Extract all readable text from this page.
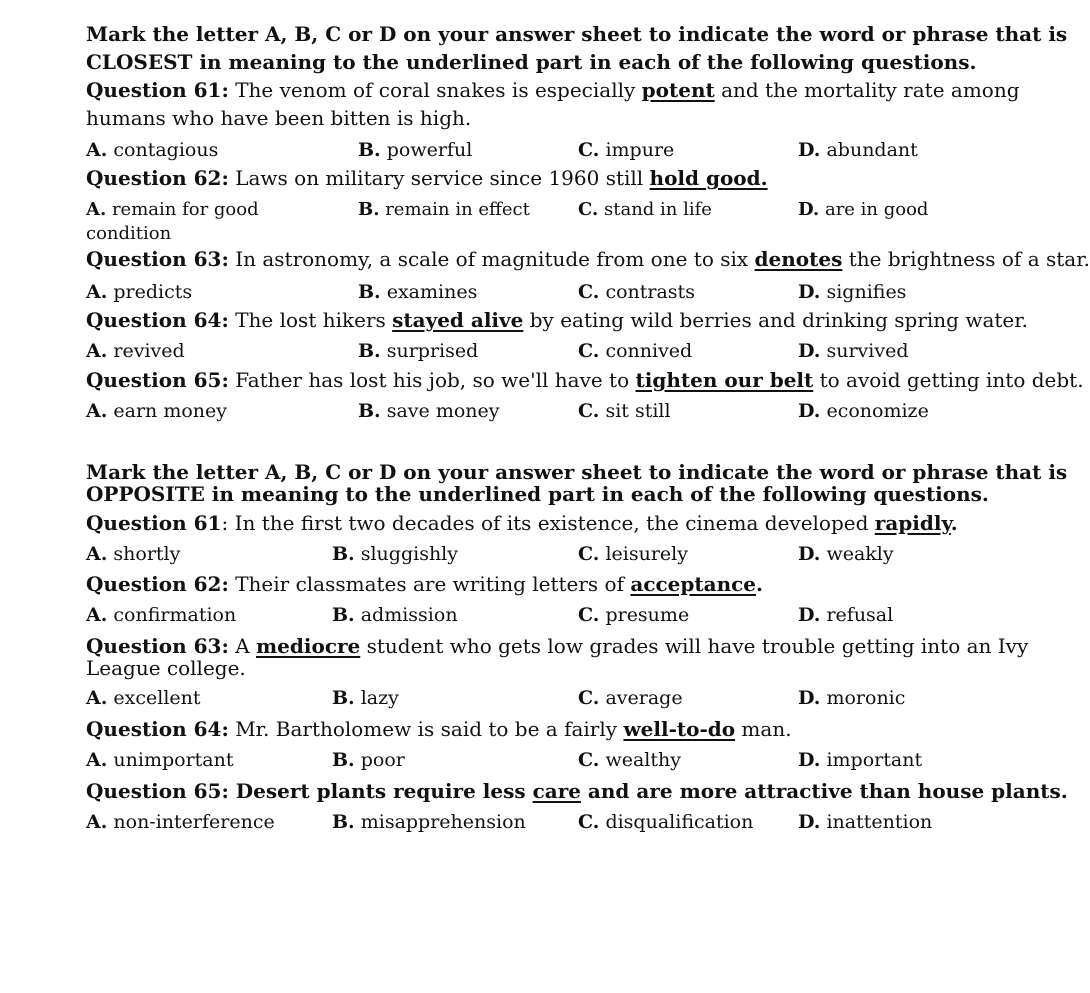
Mark the letter A, B, C or D on your answer sheet to indicate the word or phrase that is
CLOSEST in meaning to the underlined part in each of the following questions.
Question 61: The venom of coral snakes is especially potent and the mortality rate among
humans who have been bitten is high.
A. contagious	B. powerful	C. impure	D. abundant
Question 62: Laws on military service since 1960 still hold good.
A. remain for good
condition
B. remain in effect	C. stand in life	D. are in good
Question 63: In astronomy, a scale of magnitude from one to six denotes the brightness of a star.
A. predicts	B. examines	C. contrasts	D. signifies
Question 64: The lost hikers stayed alive by eating wild berries and drinking spring water.
A. revived	B. surprised	C. connived	D. survived
Question 65: Father has lost his job, so we'll have to tighten our belt to avoid getting into debt.
A. earn money	B. save money	C. sit still	D. economize
Mark the letter A, B, C or D on your answer sheet to indicate the word or phrase that is
OPPOSITE in meaning to the underlined part in each of the following questions.
Question 61: In the first two decades of its existence, the cinema developed rapidly.
A. shortly	B. sluggishly	C. leisurely	D. weakly
Question 62: Their classmates are writing letters of acceptance.
A. confirmation	B. admission	C. presume	D. refusal
Question 63: A mediocre student who gets low grades will have trouble getting into an Ivy
League college.
A. excellent	B. lazy	C. average	D. moronic
Question 64: Mr. Bartholomew is said to be a fairly well-to-do man.
A. unimportant	B. poor	C. wealthy	D. important
Question 65: Desert plants require less care and are more attractive than house plants.
A. non-interference	B. misapprehension	C. disqualification D. inattention
